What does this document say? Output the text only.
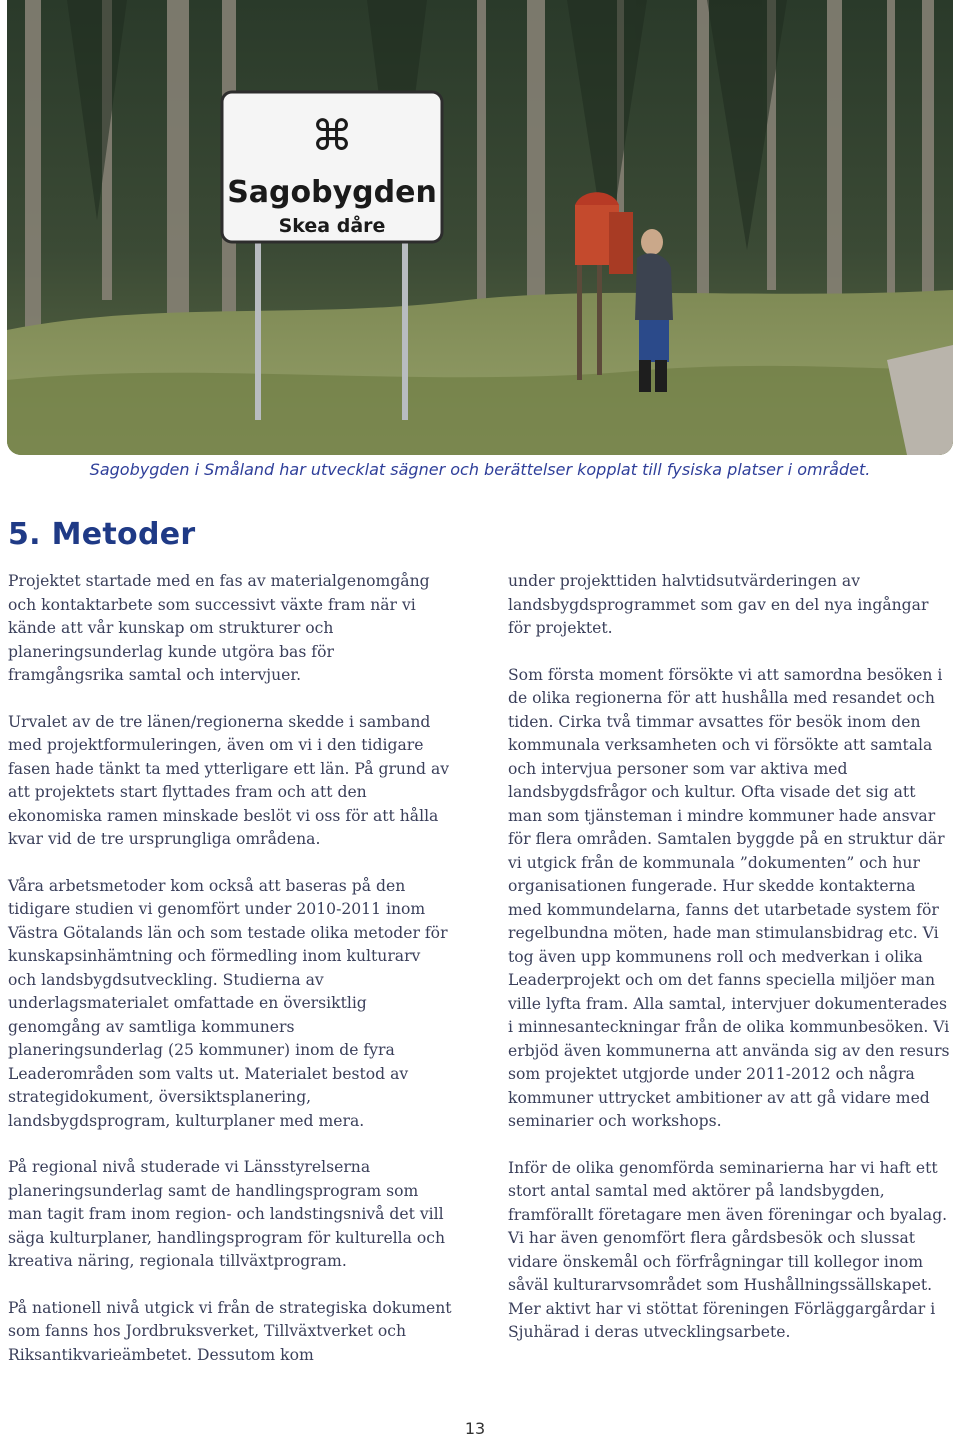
⌘
Sagobygden
Skea dåre

Sagobygden i Småland har utvecklat sägner och berättelser kopplat till fysiska platser i området.

5. Metoder

Projektet startade med en fas av materialgenomgång och kontaktarbete som successivt växte fram när vi kände att vår kunskap om strukturer och planeringsunderlag kunde utgöra bas för framgångsrika samtal och intervjuer.

Urvalet av de tre länen/regionerna skedde i samband med projektformuleringen, även om vi i den tidigare fasen hade tänkt ta med ytterligare ett län. På grund av att projektets start flyttades fram och att den ekonomiska ramen minskade beslöt vi oss för att hålla kvar vid de tre ursprungliga områdena.

Våra arbetsmetoder kom också att baseras på den tidigare studien vi genomfört under 2010-2011 inom Västra Götalands län och som testade olika metoder för kunskapsinhämtning och förmedling inom kulturarv och landsbygdsutveckling. Studierna av underlagsmaterialet omfattade en översiktlig genomgång av samtliga kommuners planeringsunderlag (25 kommuner) inom de fyra Leaderområden som valts ut. Materialet bestod av strategidokument, översiktsplanering, landsbygdsprogram, kulturplaner med mera.

På regional nivå studerade vi Länsstyrelserna planeringsunderlag samt de handlingsprogram som man tagit fram inom region- och landstingsnivå det vill säga kulturplaner, handlingsprogram för kulturella och kreativa näring, regionala tillväxtprogram.

På nationell nivå utgick vi från de strategiska dokument som fanns hos Jordbruksverket, Tillväxtverket och Riksantikvarieämbetet. Dessutom kom

under projekttiden halvtidsutvärderingen av landsbygdsprogrammet som gav en del nya ingångar för projektet.

Som första moment försökte vi att samordna besöken i de olika regionerna för att hushålla med resandet och tiden. Cirka två timmar avsattes för besök inom den kommunala verksamheten och vi försökte att samtala och intervjua personer som var aktiva med landsbygdsfrågor och kultur. Ofta visade det sig att man som tjänsteman i mindre kommuner hade ansvar för flera områden. Samtalen byggde på en struktur där vi utgick från de kommunala ”dokumenten” och hur organisationen fungerade. Hur skedde kontakterna med kommundelarna, fanns det utarbetade system för regelbundna möten, hade man stimulansbidrag etc. Vi tog även upp kommunens roll och medverkan i olika Leaderprojekt och om det fanns speciella miljöer man ville lyfta fram. Alla samtal, intervjuer dokumenterades i minnesanteckningar från de olika kommunbesöken. Vi erbjöd även kommunerna att använda sig av den resurs som projektet utgjorde under 2011-2012 och några kommuner uttrycket ambitioner av att gå vidare med seminarier och workshops.

Inför de olika genomförda seminarierna har vi haft ett stort antal samtal med aktörer på landsbygden, framförallt företagare men även föreningar och byalag. Vi har även genomfört flera gårdsbesök och slussat vidare önskemål och förfrågningar till kollegor inom såväl kulturarvsområdet som Hushållningssällskapet. Mer aktivt har vi stöttat föreningen Förläggargårdar i Sjuhärad i deras utvecklingsarbete.

13
